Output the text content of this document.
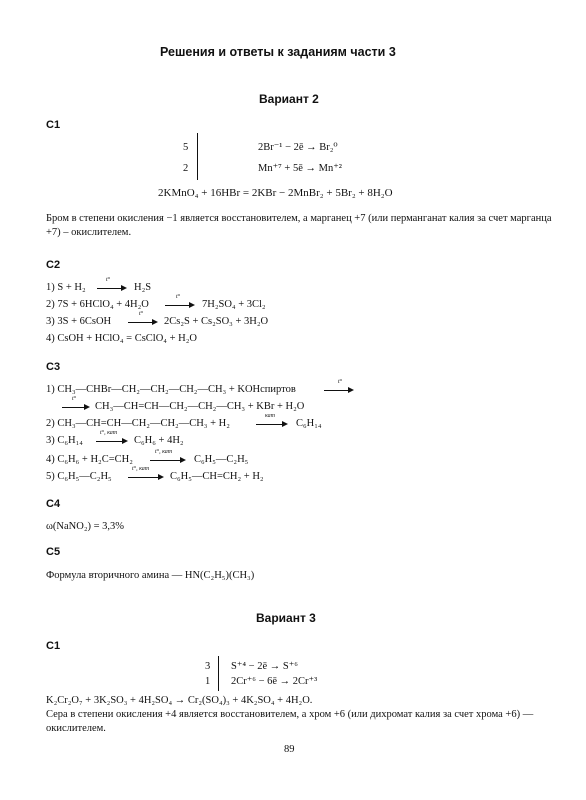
Решения и ответы к заданиям части 3
Вариант 2
С1
5
2
2Br⁻¹ − 2ē → Br₂⁰
Mn⁺⁷ + 5ē → Mn⁺²
2KMnO₄ + 16HBr = 2KBr − 2MnBr₂ + 5Br₂ + 8H₂O
Бром в степени окисления −1 является восстановителем, а марганец +7 (или перманганат калия за счет марганца +7) – окислителем.
С2
1) S + H₂
t°
H₂S
2) 7S + 6HClO₄ + 4H₂O
t°
7H₂SO₄ + 3Cl₂
3) 3S + 6CsOH
t°
2Cs₂S + Cs₂SO₃ + 3H₂O
4) CsOH + HClO₄ = CsClO₄ + H₂O
С3
1) CH₃—CHBr—CH₂—CH₂—CH₂—CH₃ + KOHспиртов
t°
t°
CH₃—CH=CH—CH₂—CH₂—CH₃ + KBr + H₂O
2) CH₃—CH=CH—CH₂—CH₂—CH₃ + H₂
кат
C₆H₁₄
3) C₆H₁₄
t°, кат
C₆H₆ + 4H₂
4) C₆H₆ + H₂C=CH₂
t°, кат
C₆H₅—C₂H₅
5) C₆H₅—C₂H₅
t°, кат
C₆H₅—CH=CH₂ + H₂
С4
ω(NaNO₂) = 3,3%
С5
Формула вторичного амина — HN(C₂H₅)(CH₃)
Вариант 3
С1
3
1
S⁺⁴ − 2ē → S⁺⁶
2Cr⁺⁶ − 6ē → 2Cr⁺³
K₂Cr₂O₇ + 3K₂SO₃ + 4H₂SO₄ → Cr₂(SO₄)₃ + 4K₂SO₄ + 4H₂O.
Сера в степени окисления +4 является восстановителем, а хром +6 (или дихромат калия за счет хрома +6) — окислителем.
89
